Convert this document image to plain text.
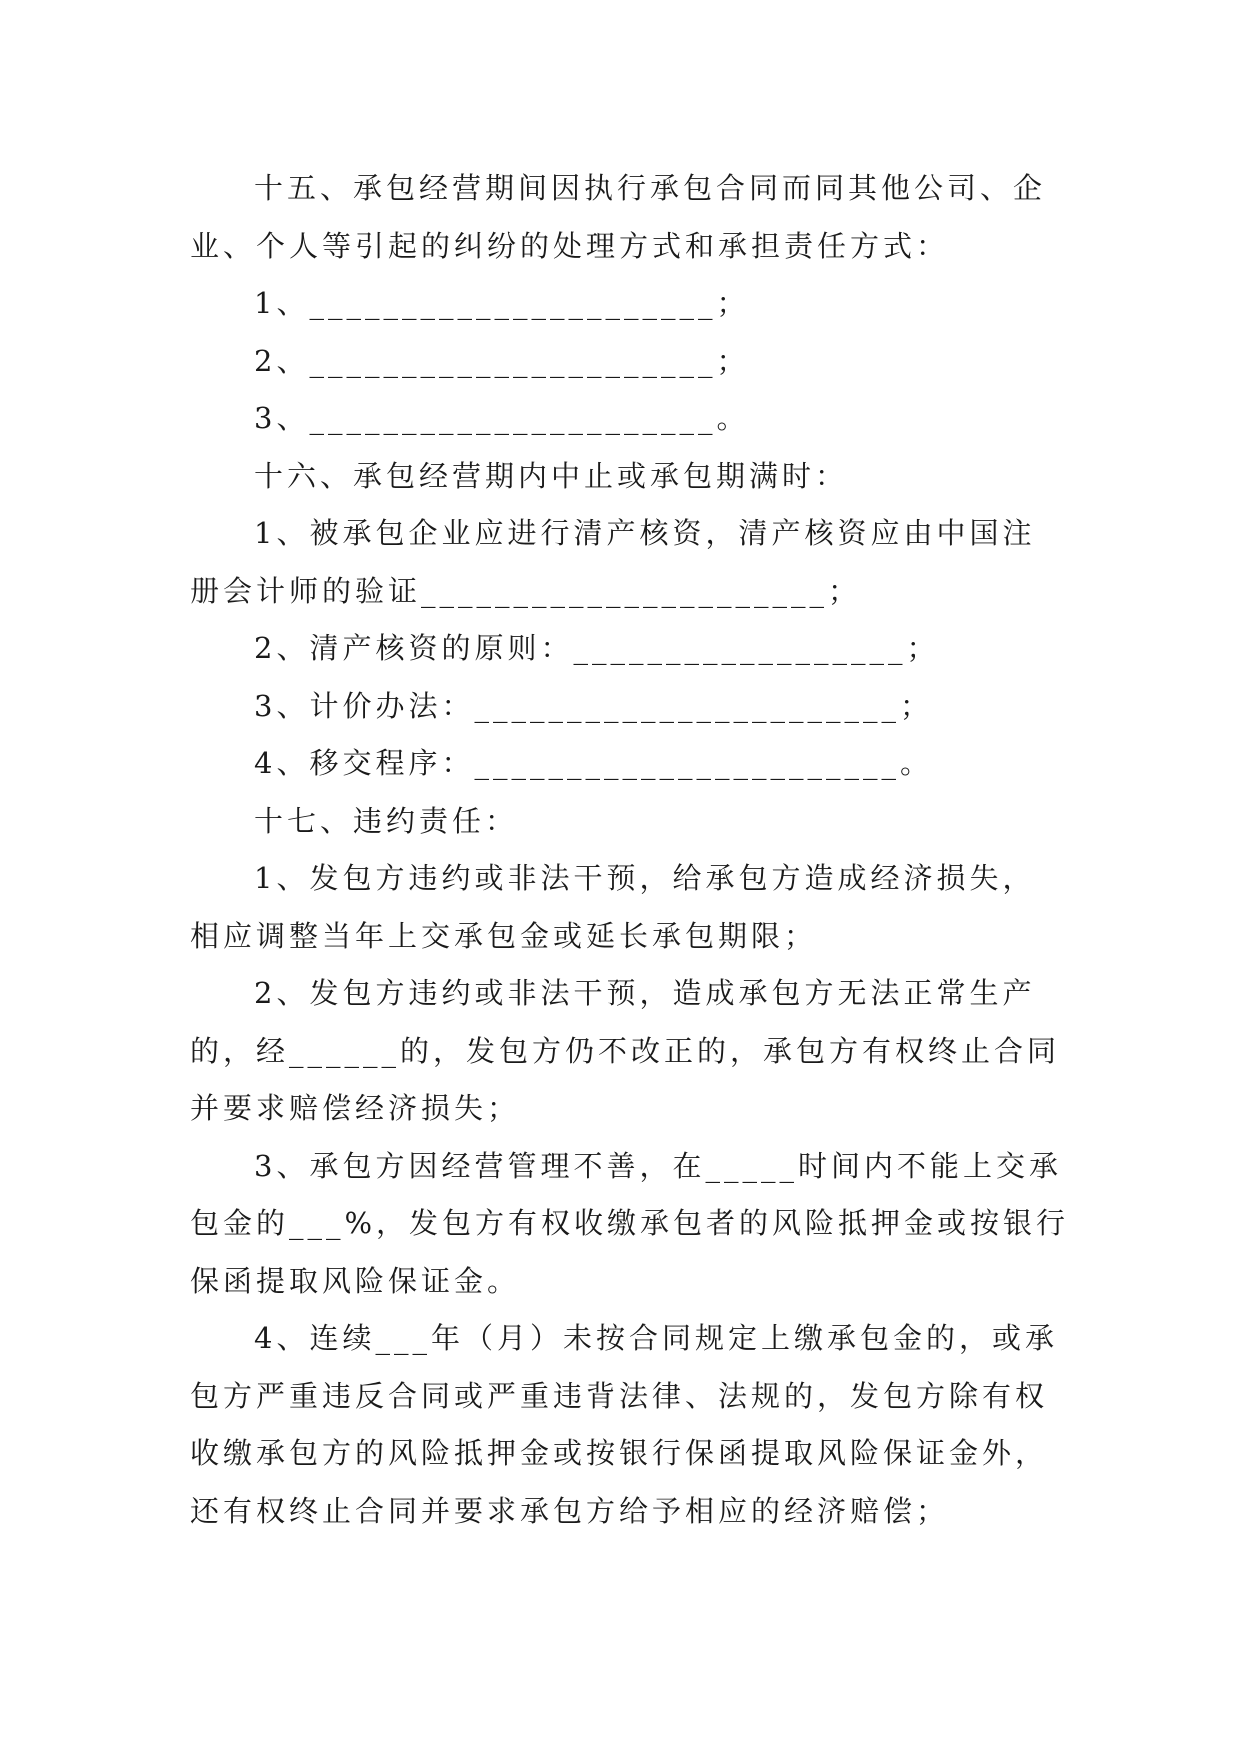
十五、承包经营期间因执行承包合同而同其他公司、企
业、个人等引起的纠纷的处理方式和承担责任方式：
1、______________________；
2、______________________；
3、______________________。
十六、承包经营期内中止或承包期满时：
1、被承包企业应进行清产核资，清产核资应由中国注
册会计师的验证______________________；
2、清产核资的原则：__________________；
3、计价办法：_______________________；
4、移交程序：_______________________。
十七、违约责任：
1、发包方违约或非法干预，给承包方造成经济损失，
相应调整当年上交承包金或延长承包期限；
2、发包方违约或非法干预，造成承包方无法正常生产
的，经______的，发包方仍不改正的，承包方有权终止合同
并要求赔偿经济损失；
3、承包方因经营管理不善，在_____时间内不能上交承
包金的___%，发包方有权收缴承包者的风险抵押金或按银行
保函提取风险保证金。
4、连续___年（月）未按合同规定上缴承包金的，或承
包方严重违反合同或严重违背法律、法规的，发包方除有权
收缴承包方的风险抵押金或按银行保函提取风险保证金外，
还有权终止合同并要求承包方给予相应的经济赔偿；
